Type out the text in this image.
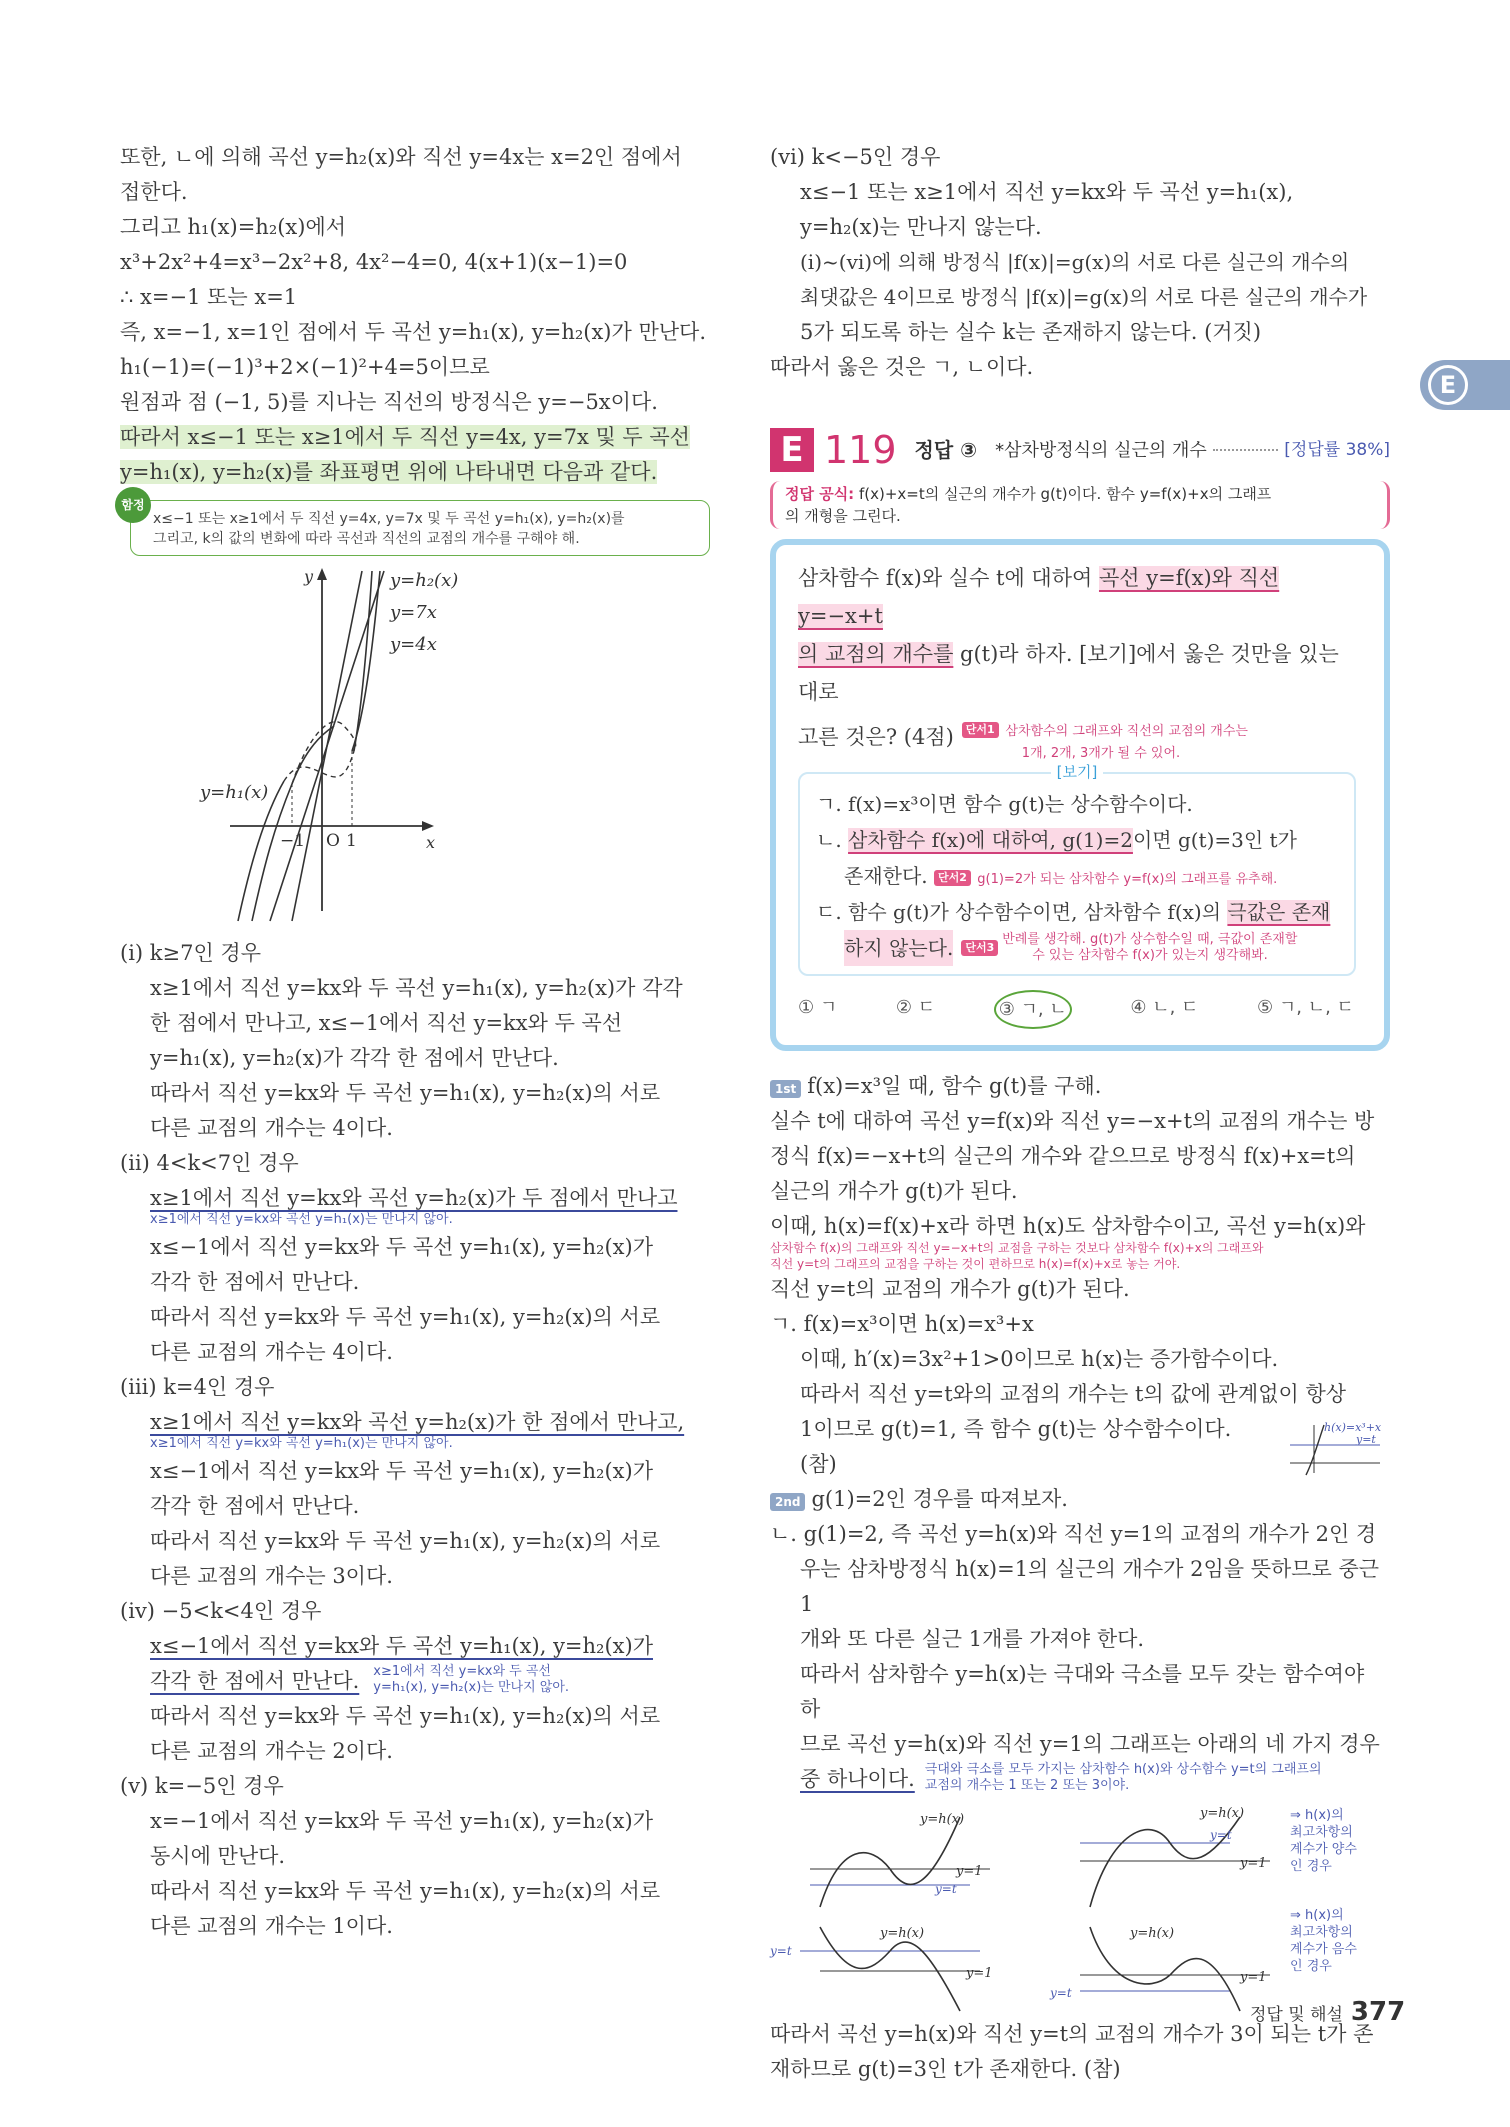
또한, ㄴ에 의해 곡선 y=h₂(x)와 직선 y=4x는 x=2인 점에서

접한다.

그리고 h₁(x)=h₂(x)에서

x³+2x²+4=x³−2x²+8, 4x²−4=0, 4(x+1)(x−1)=0

∴ x=−1 또는 x=1

즉, x=−1, x=1인 점에서 두 곡선 y=h₁(x), y=h₂(x)가 만난다.

h₁(−1)=(−1)³+2×(−1)²+4=5이므로

원점과 점 (−1, 5)를 지나는 직선의 방정식은 y=−5x이다.

따라서 x≤−1 또는 x≥1에서 두 직선 y=4x, y=7x 및 두 곡선

y=h₁(x), y=h₂(x)를 좌표평면 위에 나타내면 다음과 같다.

함정
x≤−1 또는 x≥1에서 두 직선 y=4x, y=7x 및 두 곡선 y=h₁(x), y=h₂(x)를
그리고, k의 값의 변화에 따라 곡선과 직선의 교점의 개수를 구해야 해.
y=h₂(x)
y=7x
y=4x
y=h₁(x)
y
x
−1 O 1

(ⅰ) k≥7인 경우

x≥1에서 직선 y=kx와 두 곡선 y=h₁(x), y=h₂(x)가 각각

한 점에서 만나고, x≤−1에서 직선 y=kx와 두 곡선

y=h₁(x), y=h₂(x)가 각각 한 점에서 만난다.

따라서 직선 y=kx와 두 곡선 y=h₁(x), y=h₂(x)의 서로

다른 교점의 개수는 4이다.

(ⅱ) 4<k<7인 경우

x≥1에서 직선 y=kx와 곡선 y=h₂(x)가 두 점에서 만나고

x≥1에서 직선 y=kx와 곡선 y=h₁(x)는 만나지 않아.

x≤−1에서 직선 y=kx와 두 곡선 y=h₁(x), y=h₂(x)가

각각 한 점에서 만난다.

따라서 직선 y=kx와 두 곡선 y=h₁(x), y=h₂(x)의 서로

다른 교점의 개수는 4이다.

(ⅲ) k=4인 경우

x≥1에서 직선 y=kx와 곡선 y=h₂(x)가 한 점에서 만나고,

x≥1에서 직선 y=kx와 곡선 y=h₁(x)는 만나지 않아.

x≤−1에서 직선 y=kx와 두 곡선 y=h₁(x), y=h₂(x)가

각각 한 점에서 만난다.

따라서 직선 y=kx와 두 곡선 y=h₁(x), y=h₂(x)의 서로

다른 교점의 개수는 3이다.

(ⅳ) −5<k<4인 경우

x≤−1에서 직선 y=kx와 두 곡선 y=h₁(x), y=h₂(x)가

각각 한 점에서 만난다. x≥1에서 직선 y=kx와 두 곡선
y=h₁(x), y=h₂(x)는 만나지 않아.

따라서 직선 y=kx와 두 곡선 y=h₁(x), y=h₂(x)의 서로

다른 교점의 개수는 2이다.

(ⅴ) k=−5인 경우

x=−1에서 직선 y=kx와 두 곡선 y=h₁(x), y=h₂(x)가

동시에 만난다.

따라서 직선 y=kx와 두 곡선 y=h₁(x), y=h₂(x)의 서로

다른 교점의 개수는 1이다.

(ⅵ) k<−5인 경우

x≤−1 또는 x≥1에서 직선 y=kx와 두 곡선 y=h₁(x),

y=h₂(x)는 만나지 않는다.

(ⅰ)~(ⅵ)에 의해 방정식 |f(x)|=g(x)의 서로 다른 실근의 개수의

최댓값은 4이므로 방정식 |f(x)|=g(x)의 서로 다른 실근의 개수가

5가 되도록 하는 실수 k는 존재하지 않는다. (거짓)

따라서 옳은 것은 ㄱ, ㄴ이다.

E 119 정답 ③ *삼차방정식의 실근의 개수	[정답률 38%]
정답 공식: f(x)+x=t의 실근의 개수가 g(t)이다. 함수 y=f(x)+x의 그래프
의 개형을 그린다.

삼차함수 f(x)와 실수 t에 대하여 곡선 y=f(x)와 직선 y=−x+t

의 교점의 개수를 g(t)라 하자. [보기]에서 옳은 것만을 있는 대로

고른 것은? (4점)	단서1 삼차함수의 그래프와 직선의 교점의 개수는
1개, 2개, 3개가 될 수 있어.
[보기]

ㄱ. f(x)=x³이면 함수 g(t)는 상수함수이다.

ㄴ. 삼차함수 f(x)에 대하여, g(1)=2이면 g(t)=3인 t가

존재한다. 단서2 g(1)=2가 되는 삼차함수 y=f(x)의 그래프를 유추해.

ㄷ. 함수 g(t)가 상수함수이면, 삼차함수 f(x)의 극값은 존재

하지 않는다.	단서3
반례를 생각해. g(t)가 상수함수일 때, 극값이 존재할
수 있는 삼차함수 f(x)가 있는지 생각해봐.
① ㄱ	② ㄷ	③ ㄱ, ㄴ	④ ㄴ, ㄷ	⑤ ㄱ, ㄴ, ㄷ

1st f(x)=x³일 때, 함수 g(t)를 구해.

실수 t에 대하여 곡선 y=f(x)와 직선 y=−x+t의 교점의 개수는 방

정식 f(x)=−x+t의 실근의 개수와 같으므로 방정식 f(x)+x=t의

실근의 개수가 g(t)가 된다.

이때, h(x)=f(x)+x라 하면 h(x)도 삼차함수이고, 곡선 y=h(x)와

삼차함수 f(x)의 그래프와 직선 y=−x+t의 교점을 구하는 것보다 삼차함수 f(x)+x의 그래프와
직선 y=t의 그래프의 교점을 구하는 것이 편하므로 h(x)=f(x)+x로 놓는 거야.

직선 y=t의 교점의 개수가 g(t)가 된다.

ㄱ. f(x)=x³이면 h(x)=x³+x

이때, h′(x)=3x²+1>0이므로 h(x)는 증가함수이다.

따라서 직선 y=t와의 교점의 개수는 t의 값에 관계없이 항상

1이므로 g(t)=1, 즉 함수 g(t)는 상수함수이다. (참)

h(x)=x³+x
y=t

2nd g(1)=2인 경우를 따져보자.

ㄴ. g(1)=2, 즉 곡선 y=h(x)와 직선 y=1의 교점의 개수가 2인 경

우는 삼차방정식 h(x)=1의 실근의 개수가 2임을 뜻하므로 중근 1

개와 또 다른 실근 1개를 가져야 한다.

따라서 삼차함수 y=h(x)는 극대와 극소를 모두 갖는 함수여야 하

므로 곡선 y=h(x)와 직선 y=1의 그래프는 아래의 네 가지 경우

중 하나이다. 극대와 극소를 모두 가지는 삼차함수 h(x)와 상수함수 y=t의 그래프의
교점의 개수는 1 또는 2 또는 3이야.
y=h(x)
y=1
y=t
y=h(x)
y=1
y=t
⇒ h(x)의 최고차항의 계수가 양수인 경우
y=h(x)
y=1
y=t
y=h(x)
y=1
y=t
⇒ h(x)의 최고차항의 계수가 음수인 경우

따라서 곡선 y=h(x)와 직선 y=t의 교점의 개수가 3이 되는 t가 존

재하므로 g(t)=3인 t가 존재한다. (참)

E
정답 및 해설 377
